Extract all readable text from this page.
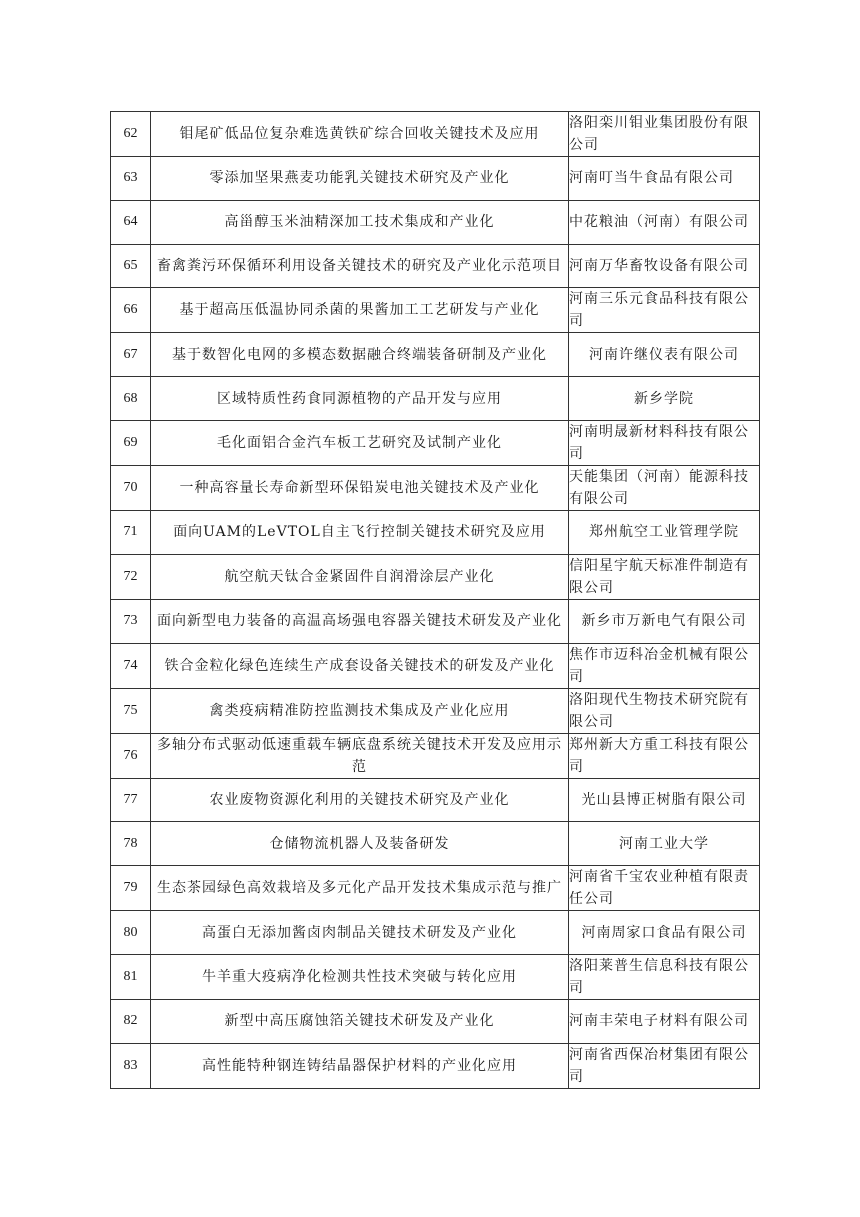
62	钼尾矿低品位复杂难选黄铁矿综合回收关键技术及应用	洛阳栾川钼业集团股份有限公司
63	零添加坚果燕麦功能乳关键技术研究及产业化	河南叮当牛食品有限公司
64	高甾醇玉米油精深加工技术集成和产业化	中花粮油（河南）有限公司
65	畜禽粪污环保循环利用设备关键技术的研究及产业化示范项目	河南万华畜牧设备有限公司
66	基于超高压低温协同杀菌的果酱加工工艺研发与产业化	河南三乐元食品科技有限公司
67	基于数智化电网的多模态数据融合终端装备研制及产业化	河南许继仪表有限公司
68	区域特质性药食同源植物的产品开发与应用	新乡学院
69	毛化面铝合金汽车板工艺研究及试制产业化	河南明晟新材料科技有限公司
70	一种高容量长寿命新型环保铅炭电池关键技术及产业化	天能集团（河南）能源科技有限公司
71	面向UAM的LeVTOL自主飞行控制关键技术研究及应用	郑州航空工业管理学院
72	航空航天钛合金紧固件自润滑涂层产业化	信阳星宇航天标准件制造有限公司
73	面向新型电力装备的高温高场强电容器关键技术研发及产业化	新乡市万新电气有限公司
74	铁合金粒化绿色连续生产成套设备关键技术的研发及产业化	焦作市迈科冶金机械有限公司
75	禽类疫病精准防控监测技术集成及产业化应用	洛阳现代生物技术研究院有限公司
76	多轴分布式驱动低速重载车辆底盘系统关键技术开发及应用示范	郑州新大方重工科技有限公司
77	农业废物资源化利用的关键技术研究及产业化	光山县博正树脂有限公司
78	仓储物流机器人及装备研发	河南工业大学
79	生态茶园绿色高效栽培及多元化产品开发技术集成示范与推广	河南省千宝农业种植有限责任公司
80	高蛋白无添加酱卤肉制品关键技术研发及产业化	河南周家口食品有限公司
81	牛羊重大疫病净化检测共性技术突破与转化应用	洛阳莱普生信息科技有限公司
82	新型中高压腐蚀箔关键技术研发及产业化	河南丰荣电子材料有限公司
83	高性能特种钢连铸结晶器保护材料的产业化应用	河南省西保冶材集团有限公司
